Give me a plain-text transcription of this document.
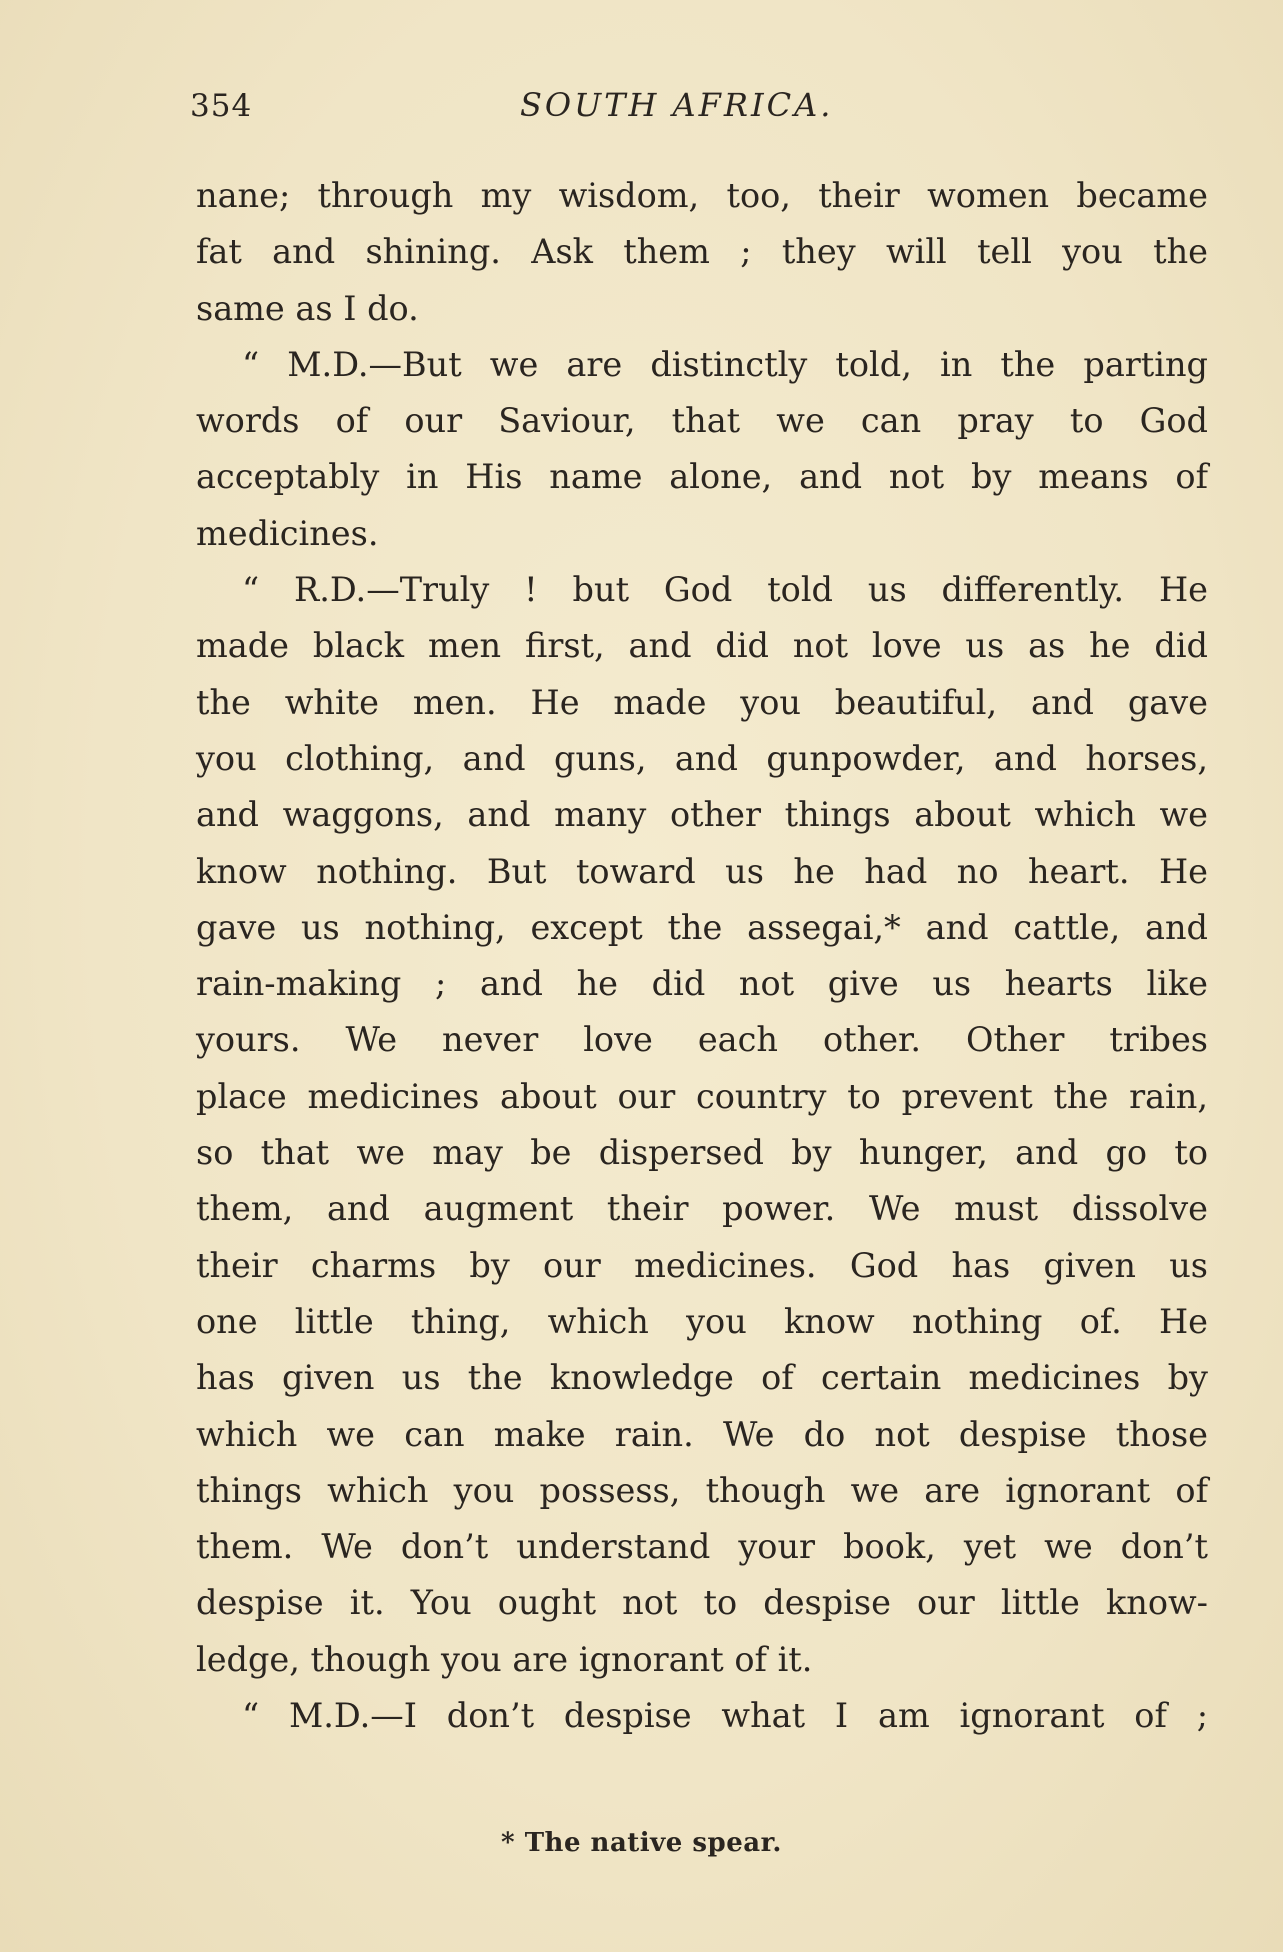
354	SOUTH AFRICA.
nane; through my wisdom, too, their women became
fat and shining. Ask them ; they will tell you the
same as I do.
“ M.D.—But we are distinctly told, in the parting
words of our Saviour, that we can pray to God
acceptably in His name alone, and not by means of
medicines.
“ R.D.—Truly ! but God told us differently. He
made black men first, and did not love us as he did
the white men. He made you beautiful, and gave
you clothing, and guns, and gunpowder, and horses,
and waggons, and many other things about which we
know nothing. But toward us he had no heart. He
gave us nothing, except the assegai,* and cattle, and
rain-making ; and he did not give us hearts like
yours. We never love each other. Other tribes
place medicines about our country to prevent the rain,
so that we may be dispersed by hunger, and go to
them, and augment their power. We must dissolve
their charms by our medicines. God has given us
one little thing, which you know nothing of. He
has given us the knowledge of certain medicines by
which we can make rain. We do not despise those
things which you possess, though we are ignorant of
them. We don’t understand your book, yet we don’t
despise it. You ought not to despise our little know-
ledge, though you are ignorant of it.
“ M.D.—I don’t despise what I am ignorant of ;
* The native spear.
